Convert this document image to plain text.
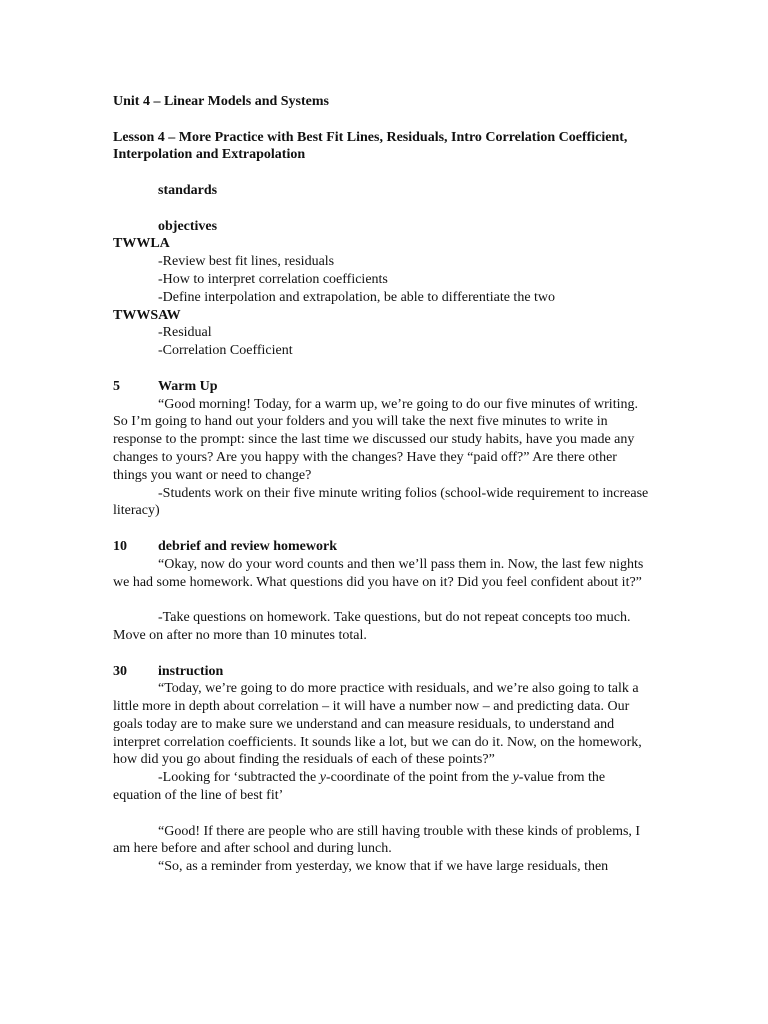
Unit 4 – Linear Models and Systems

Lesson 4 – More Practice with Best Fit Lines, Residuals, Intro Correlation Coefficient, Interpolation and Extrapolation

standards

objectives

TWWLA

-Review best fit lines, residuals

-How to interpret correlation coefficients

-Define interpolation and extrapolation, be able to differentiate the two

TWWSAW

-Residual

-Correlation Coefficient

5	Warm Up

“Good morning! Today, for a warm up, we’re going to do our five minutes of writing. So I’m going to hand out your folders and you will take the next five minutes to write in response to the prompt: since the last time we discussed our study habits, have you made any changes to yours? Are you happy with the changes? Have they “paid off?” Are there other things you want or need to change?

-Students work on their five minute writing folios (school-wide requirement to increase literacy)

10	debrief and review homework

“Okay, now do your word counts and then we’ll pass them in. Now, the last few nights we had some homework. What questions did you have on it? Did you feel confident about it?”

-Take questions on homework. Take questions, but do not repeat concepts too much. Move on after no more than 10 minutes total.

30	instruction

“Today, we’re going to do more practice with residuals, and we’re also going to talk a little more in depth about correlation – it will have a number now – and predicting data. Our goals today are to make sure we understand and can measure residuals, to understand and interpret correlation coefficients. It sounds like a lot, but we can do it. Now, on the homework, how did you go about finding the residuals of each of these points?”

-Looking for ‘subtracted the y-coordinate of the point from the y-value from the equation of the line of best fit’

“Good! If there are people who are still having trouble with these kinds of problems, I am here before and after school and during lunch.

“So, as a reminder from yesterday, we know that if we have large residuals, then
